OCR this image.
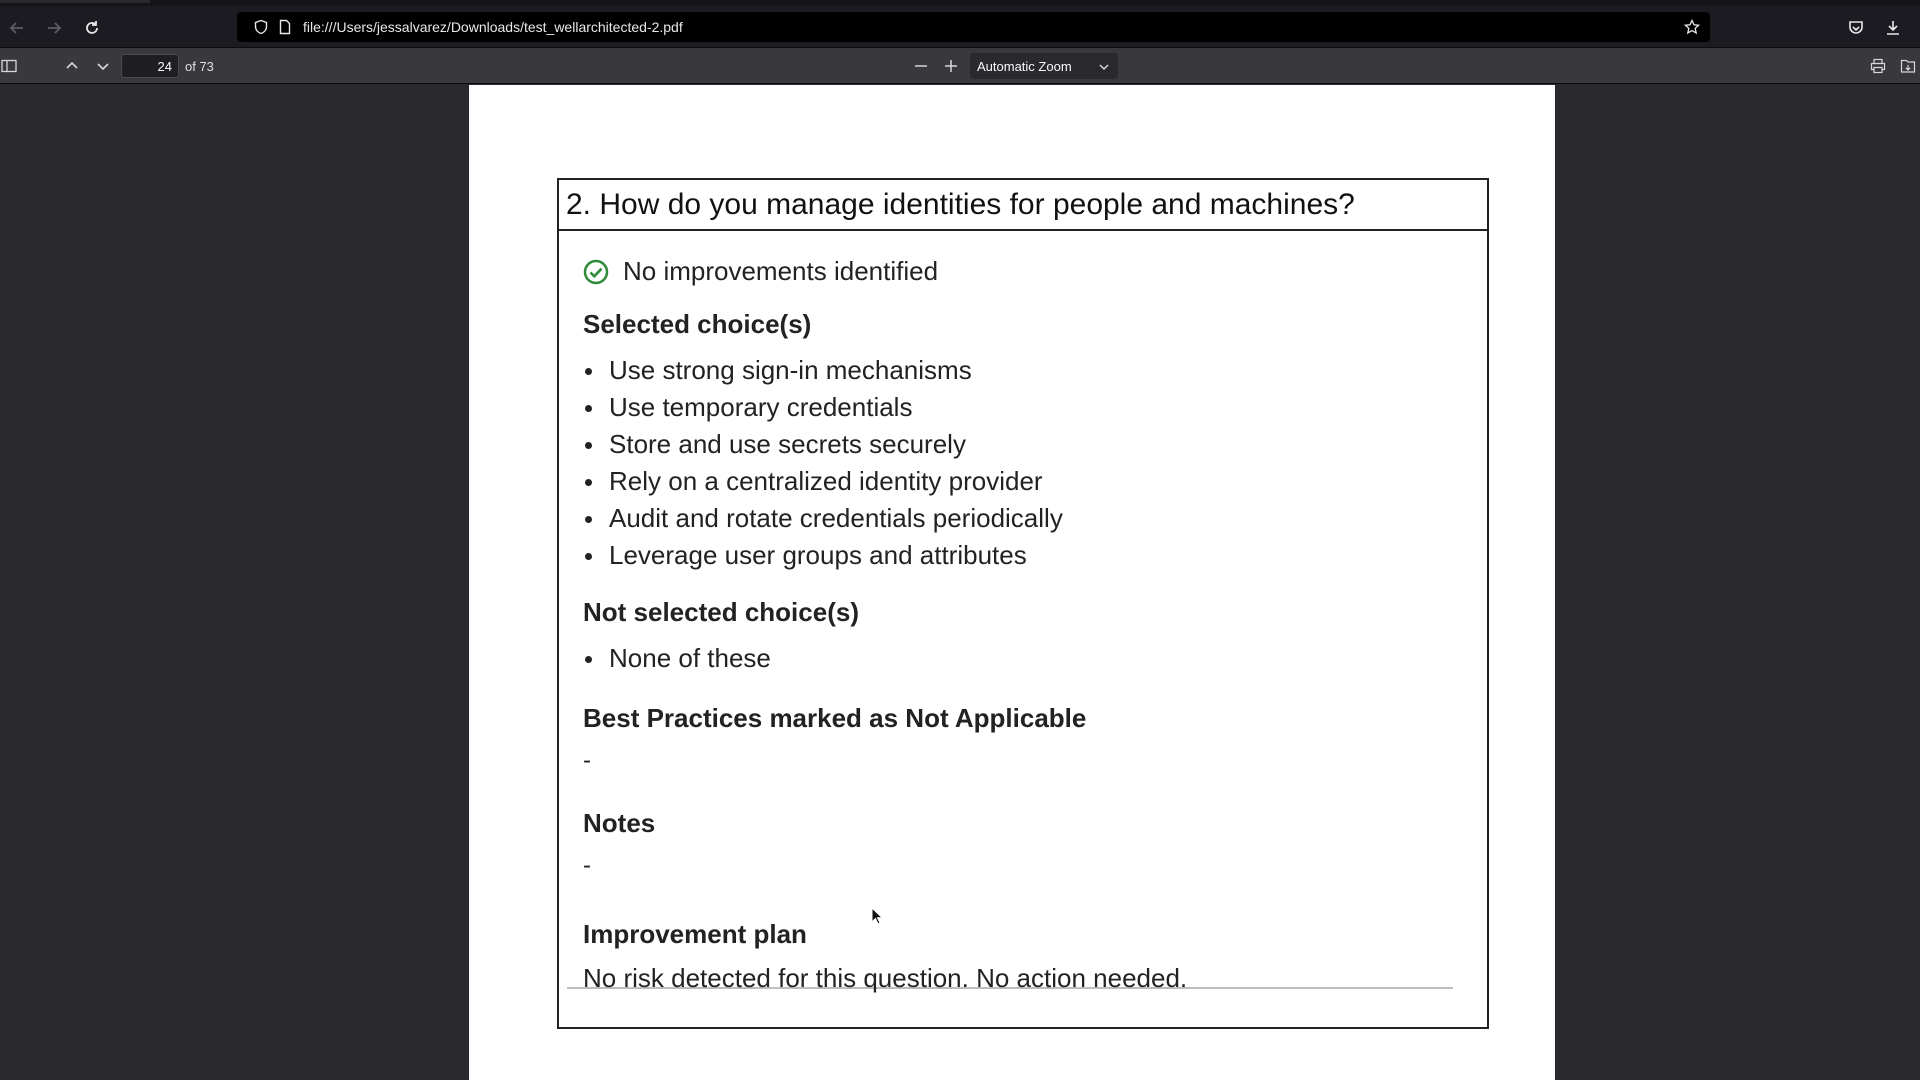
file:///Users/jessalvarez/Downloads/test_wellarchitected-2.pdf
24
of 73	Automatic Zoom
2. How do you manage identities for people and machines?
No improvements identified
Selected choice(s)
Use strong sign-in mechanisms
Use temporary credentials
Store and use secrets securely
Rely on a centralized identity provider
Audit and rotate credentials periodically
Leverage user groups and attributes
Not selected choice(s)
None of these
Best Practices marked as Not Applicable
-
Notes
-
Improvement plan
No risk detected for this question. No action needed.
